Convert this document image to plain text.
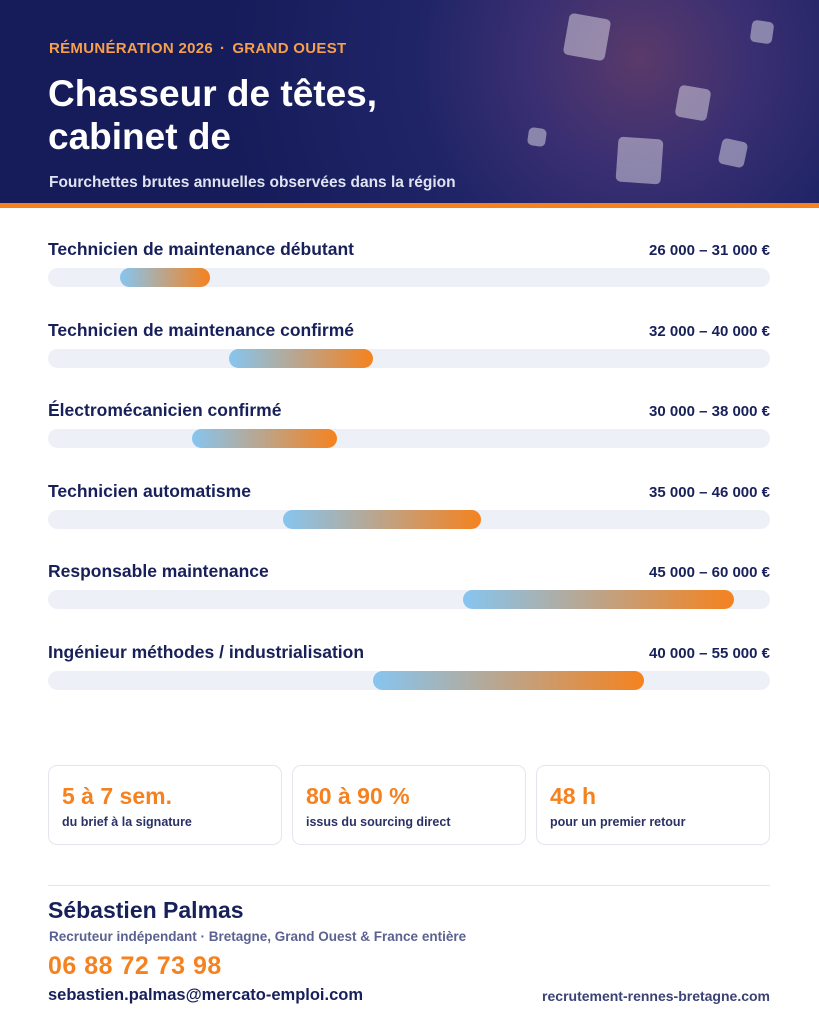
RÉMUNÉRATION 2026 · GRAND OUEST
Chasseur de têtes,
cabinet de
Fourchettes brutes annuelles observées dans la région
Technicien de maintenance débutant	26 000 – 31 000 €
Technicien de maintenance confirmé	32 000 – 40 000 €
Électromécanicien confirmé	30 000 – 38 000 €
Technicien automatisme	35 000 – 46 000 €
Responsable maintenance	45 000 – 60 000 €
Ingénieur méthodes / industrialisation	40 000 – 55 000 €
5 à 7 sem.
du brief à la signature
80 à 90 %
issus du sourcing direct
48 h
pour un premier retour
Sébastien Palmas
Recruteur indépendant · Bretagne, Grand Ouest & France entière
06 88 72 73 98
sebastien.palmas@mercato-emploi.com	recrutement-rennes-bretagne.com
